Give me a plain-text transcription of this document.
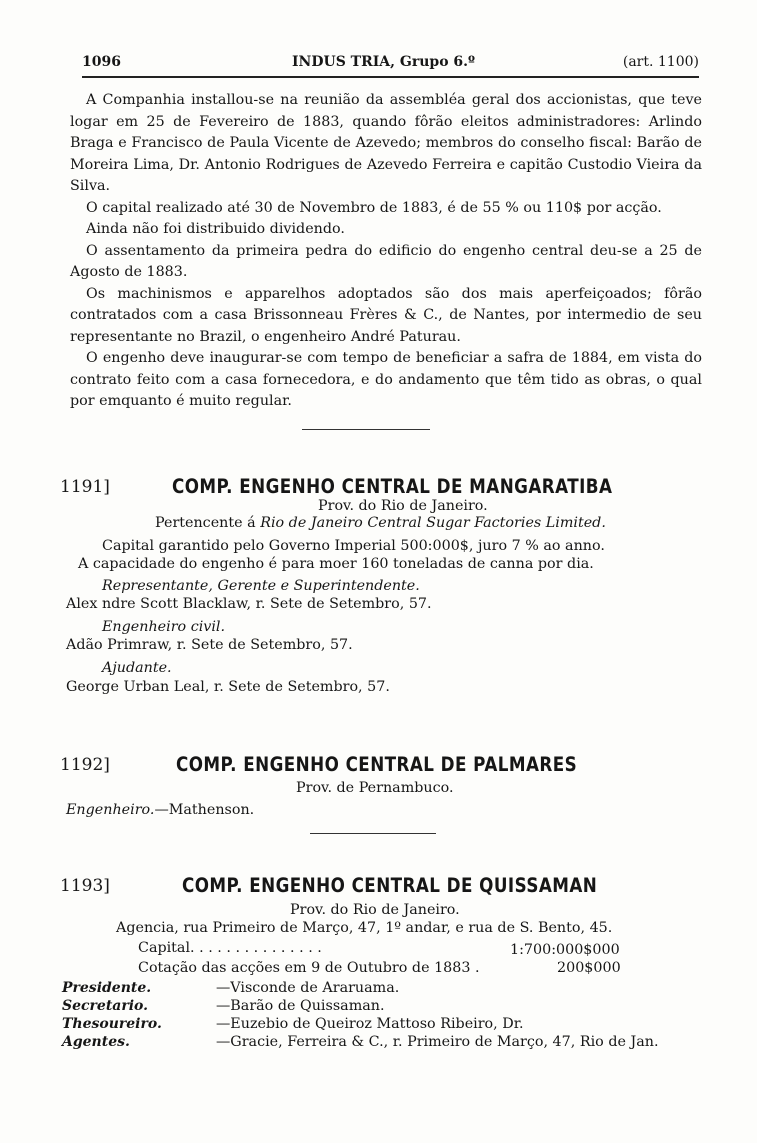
1096	INDUS TRIA, Grupo 6.º	(art. 1100)

A Companhia installou-se na reunião da assembléa geral dos accionistas, que teve logar em 25 de Fevereiro de 1883, quando fôrão eleitos administradores: Arlindo Braga e Francisco de Paula Vicente de Azevedo; membros do conselho fiscal: Barão de Moreira Lima, Dr. Antonio Rodrigues de Azevedo Ferreira e capitão Custodio Vieira da Silva.

O capital realizado até 30 de Novembro de 1883, é de 55 % ou 110$ por acção.

Ainda não foi distribuido dividendo.

O assentamento da primeira pedra do edificio do engenho central deu-se a 25 de Agosto de 1883.

Os machinismos e apparelhos adoptados são dos mais aperfeiçoados; fôrão contratados com a casa Brissonneau Frères & C., de Nantes, por intermedio de seu representante no Brazil, o engenheiro André Paturau.

O engenho deve inaugurar-se com tempo de beneficiar a safra de 1884, em vista do contrato feito com a casa fornecedora, e do andamento que têm tido as obras, o qual por emquanto é muito regular.

1191]	COMP. ENGENHO CENTRAL DE MANGARATIBA
Prov. do Rio de Janeiro.
Pertencente á Rio de Janeiro Central Sugar Factories Limited.
Capital garantido pelo Governo Imperial 500:000$, juro 7 % ao anno.
A capacidade do engenho é para moer 160 toneladas de canna por dia.
Representante, Gerente e Superintendente.
Alex ndre Scott Blacklaw, r. Sete de Setembro, 57.
Engenheiro civil.
Adão Primraw, r. Sete de Setembro, 57.
Ajudante.
George Urban Leal, r. Sete de Setembro, 57.
1192]	COMP. ENGENHO CENTRAL DE PALMARES
Prov. de Pernambuco.
Engenheiro.—Mathenson.
1193]	COMP. ENGENHO CENTRAL DE QUISSAMAN
Prov. do Rio de Janeiro.
Agencia, rua Primeiro de Março, 47, 1º andar, e rua de S. Bento, 45.
Capital. . . . . . . . . . . . . . .	1:700:000$000
Cotação das acções em 9 de Outubro de 1883 .	200$000
Presidente.	—Visconde de Araruama.
Secretario.	—Barão de Quissaman.
Thesoureiro.	—Euzebio de Queiroz Mattoso Ribeiro, Dr.
Agentes.	—Gracie, Ferreira & C., r. Primeiro de Março, 47, Rio de Jan.
